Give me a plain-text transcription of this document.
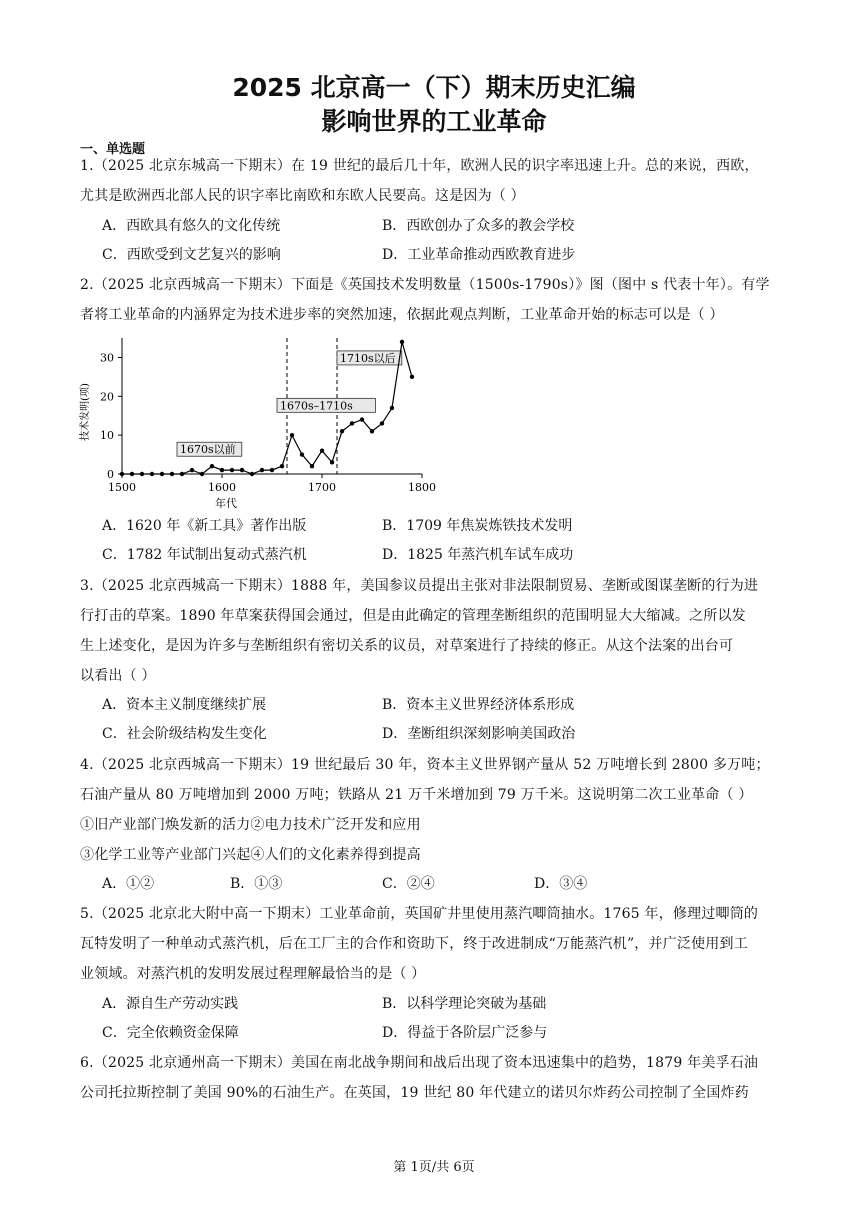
2025 北京高一（下）期末历史汇编
影响世界的工业革命
一、单选题
1.（2025 北京东城高一下期末）在 19 世纪的最后几十年，欧洲人民的识字率迅速上升。总的来说，西欧，
尤其是欧洲西北部人民的识字率比南欧和东欧人民要高。这是因为（ ）
A．西欧具有悠久的文化传统	B．西欧创办了众多的教会学校
C．西欧受到文艺复兴的影响	D．工业革命推动西欧教育进步
2.（2025 北京西城高一下期末）下面是《英国技术发明数量（1500s-1790s）》图（图中 s 代表十年）。有学
者将工业革命的内涵界定为技术进步率的突然加速，依据此观点判断，工业革命开始的标志可以是（ ）
0
10
20
30
1500	1600	1700	1800
年代
技术发明(项)
1670s以前
1670s–1710s
1710s以后
A．1620 年《新工具》著作出版	B．1709 年焦炭炼铁技术发明
C．1782 年试制出复动式蒸汽机	D．1825 年蒸汽机车试车成功
3.（2025 北京西城高一下期末）1888 年，美国参议员提出主张对非法限制贸易、垄断或图谋垄断的行为进
行打击的草案。1890 年草案获得国会通过，但是由此确定的管理垄断组织的范围明显大大缩减。之所以发
生上述变化，是因为许多与垄断组织有密切关系的议员，对草案进行了持续的修正。从这个法案的出台可
以看出（ ）
A．资本主义制度继续扩展	B．资本主义世界经济体系形成
C．社会阶级结构发生变化	D．垄断组织深刻影响美国政治
4.（2025 北京西城高一下期末）19 世纪最后 30 年，资本主义世界钢产量从 52 万吨增长到 2800 多万吨；
石油产量从 80 万吨增加到 2000 万吨；铁路从 21 万千米增加到 79 万千米。这说明第二次工业革命（ ）
①旧产业部门焕发新的活力②电力技术广泛开发和应用
③化学工业等产业部门兴起④人们的文化素养得到提高
A．①②	B．①③	C．②④	D．③④
5.（2025 北京北大附中高一下期末）工业革命前，英国矿井里使用蒸汽唧筒抽水。1765 年，修理过唧筒的
瓦特发明了一种单动式蒸汽机，后在工厂主的合作和资助下，终于改进制成“万能蒸汽机”，并广泛使用到工
业领域。对蒸汽机的发明发展过程理解最恰当的是（ ）
A．源自生产劳动实践	B．以科学理论突破为基础
C．完全依赖资金保障	D．得益于各阶层广泛参与
6.（2025 北京通州高一下期末）美国在南北战争期间和战后出现了资本迅速集中的趋势，1879 年美孚石油
公司托拉斯控制了美国 90%的石油生产。在英国，19 世纪 80 年代建立的诺贝尔炸药公司控制了全国炸药
第 1页/共 6页
